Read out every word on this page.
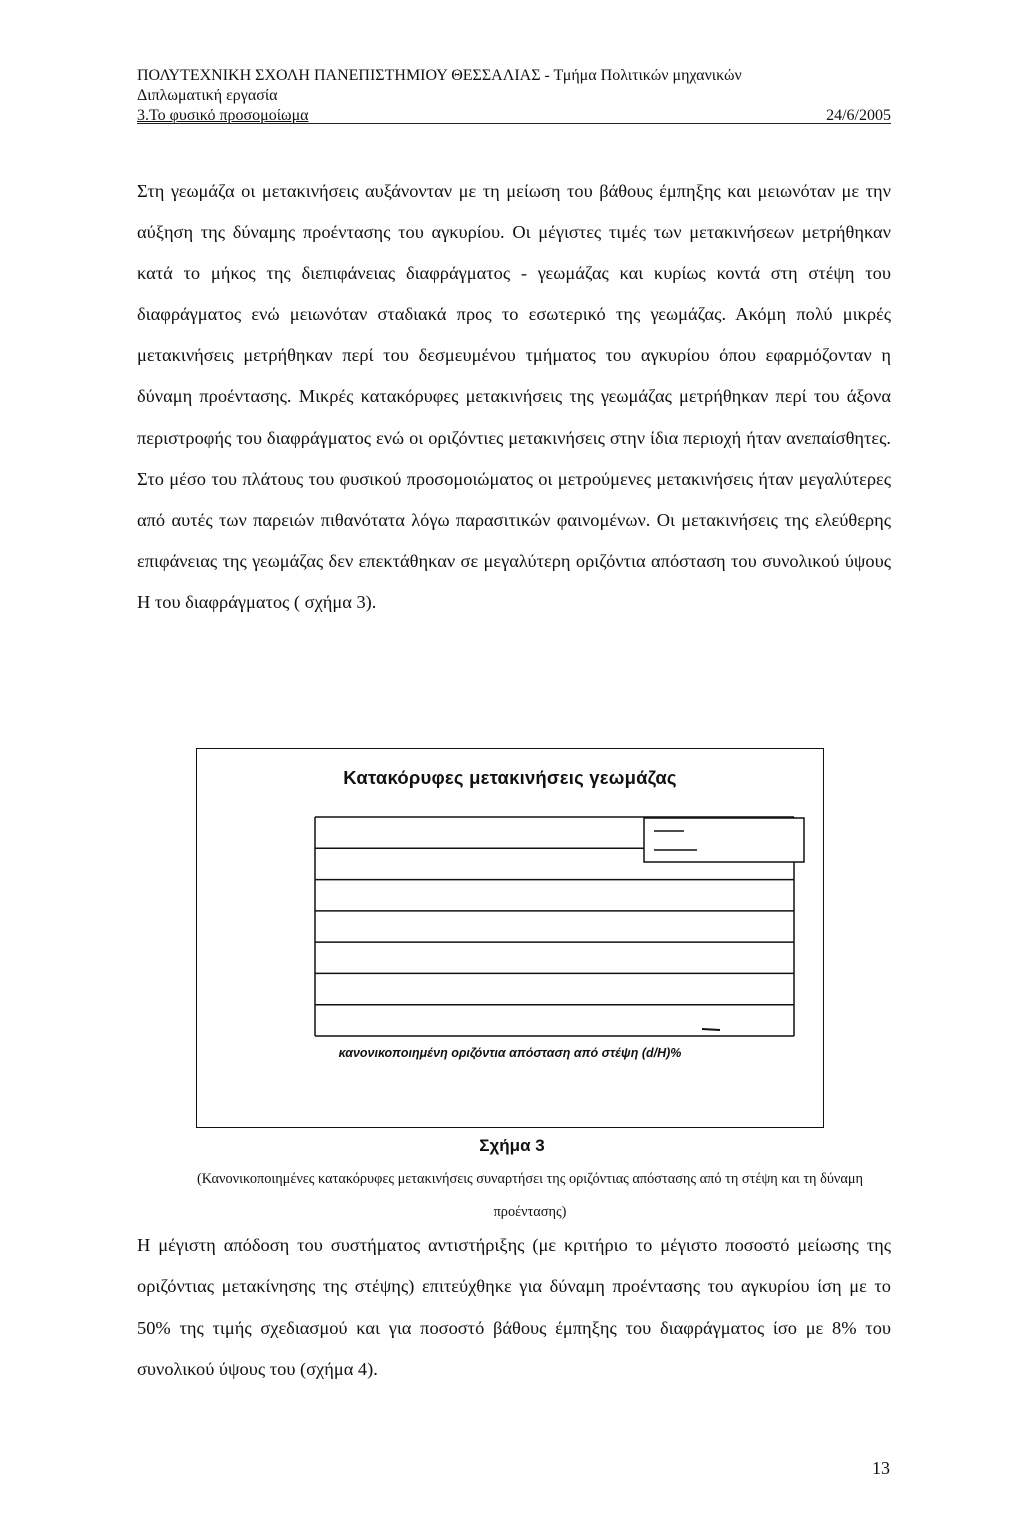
ΠΟΛΥΤΕΧΝΙΚΗ ΣΧΟΛΗ ΠΑΝΕΠΙΣΤΗΜΙΟΥ ΘΕΣΣΑΛΙΑΣ - Τμήμα Πολιτικών μηχανικών
Διπλωματική εργασία
3.Το φυσικό προσομοίωμα	24/6/2005

Στη γεωμάζα οι μετακινήσεις αυξάνονταν με τη μείωση του βάθους έμπηξης και μειωνόταν με την αύξηση της δύναμης προέντασης του αγκυρίου. Οι μέγιστες τιμές των μετακινήσεων μετρήθηκαν κατά το μήκος της διεπιφάνειας διαφράγματος - γεωμάζας και κυρίως κοντά στη στέψη του διαφράγματος ενώ μειωνόταν σταδιακά προς το εσωτερικό της γεωμάζας. Ακόμη πολύ μικρές μετακινήσεις μετρήθηκαν περί του δεσμευμένου τμήματος του αγκυρίου όπου εφαρμόζονταν η δύναμη προέντασης. Μικρές κατακόρυφες μετακινήσεις της γεωμάζας μετρήθηκαν περί του άξονα περιστροφής του διαφράγματος ενώ οι οριζόντιες μετακινήσεις στην ίδια περιοχή ήταν ανεπαίσθητες. Στο μέσο του πλάτους του φυσικού προσομοιώματος οι μετρούμενες μετακινήσεις ήταν μεγαλύτερες από αυτές των παρειών πιθανότατα λόγω παρασιτικών φαινομένων. Οι μετακινήσεις της ελεύθερης επιφάνειας της γεωμάζας δεν επεκτάθηκαν σε μεγαλύτερη οριζόντια απόσταση του συνολικού ύψους Η του διαφράγματος ( σχήμα 3).

Κατακόρυφες μετακινήσεις γεωμάζας
κανονικοποιημένη οριζόντια απόσταση από στέψη (d/H)%
Σχήμα 3
(Κανονικοποιημένες κατακόρυφες μετακινήσεις συναρτήσει της οριζόντιας απόστασης από τη στέψη και τη δύναμη προέντασης)

Η μέγιστη απόδοση του συστήματος αντιστήριξης (με κριτήριο το μέγιστο ποσοστό μείωσης της οριζόντιας μετακίνησης της στέψης) επιτεύχθηκε για δύναμη προέντασης του αγκυρίου ίση με το 50% της τιμής σχεδιασμού και για ποσοστό βάθους έμπηξης του διαφράγματος ίσο με 8% του συνολικού ύψους του (σχήμα 4).

13
